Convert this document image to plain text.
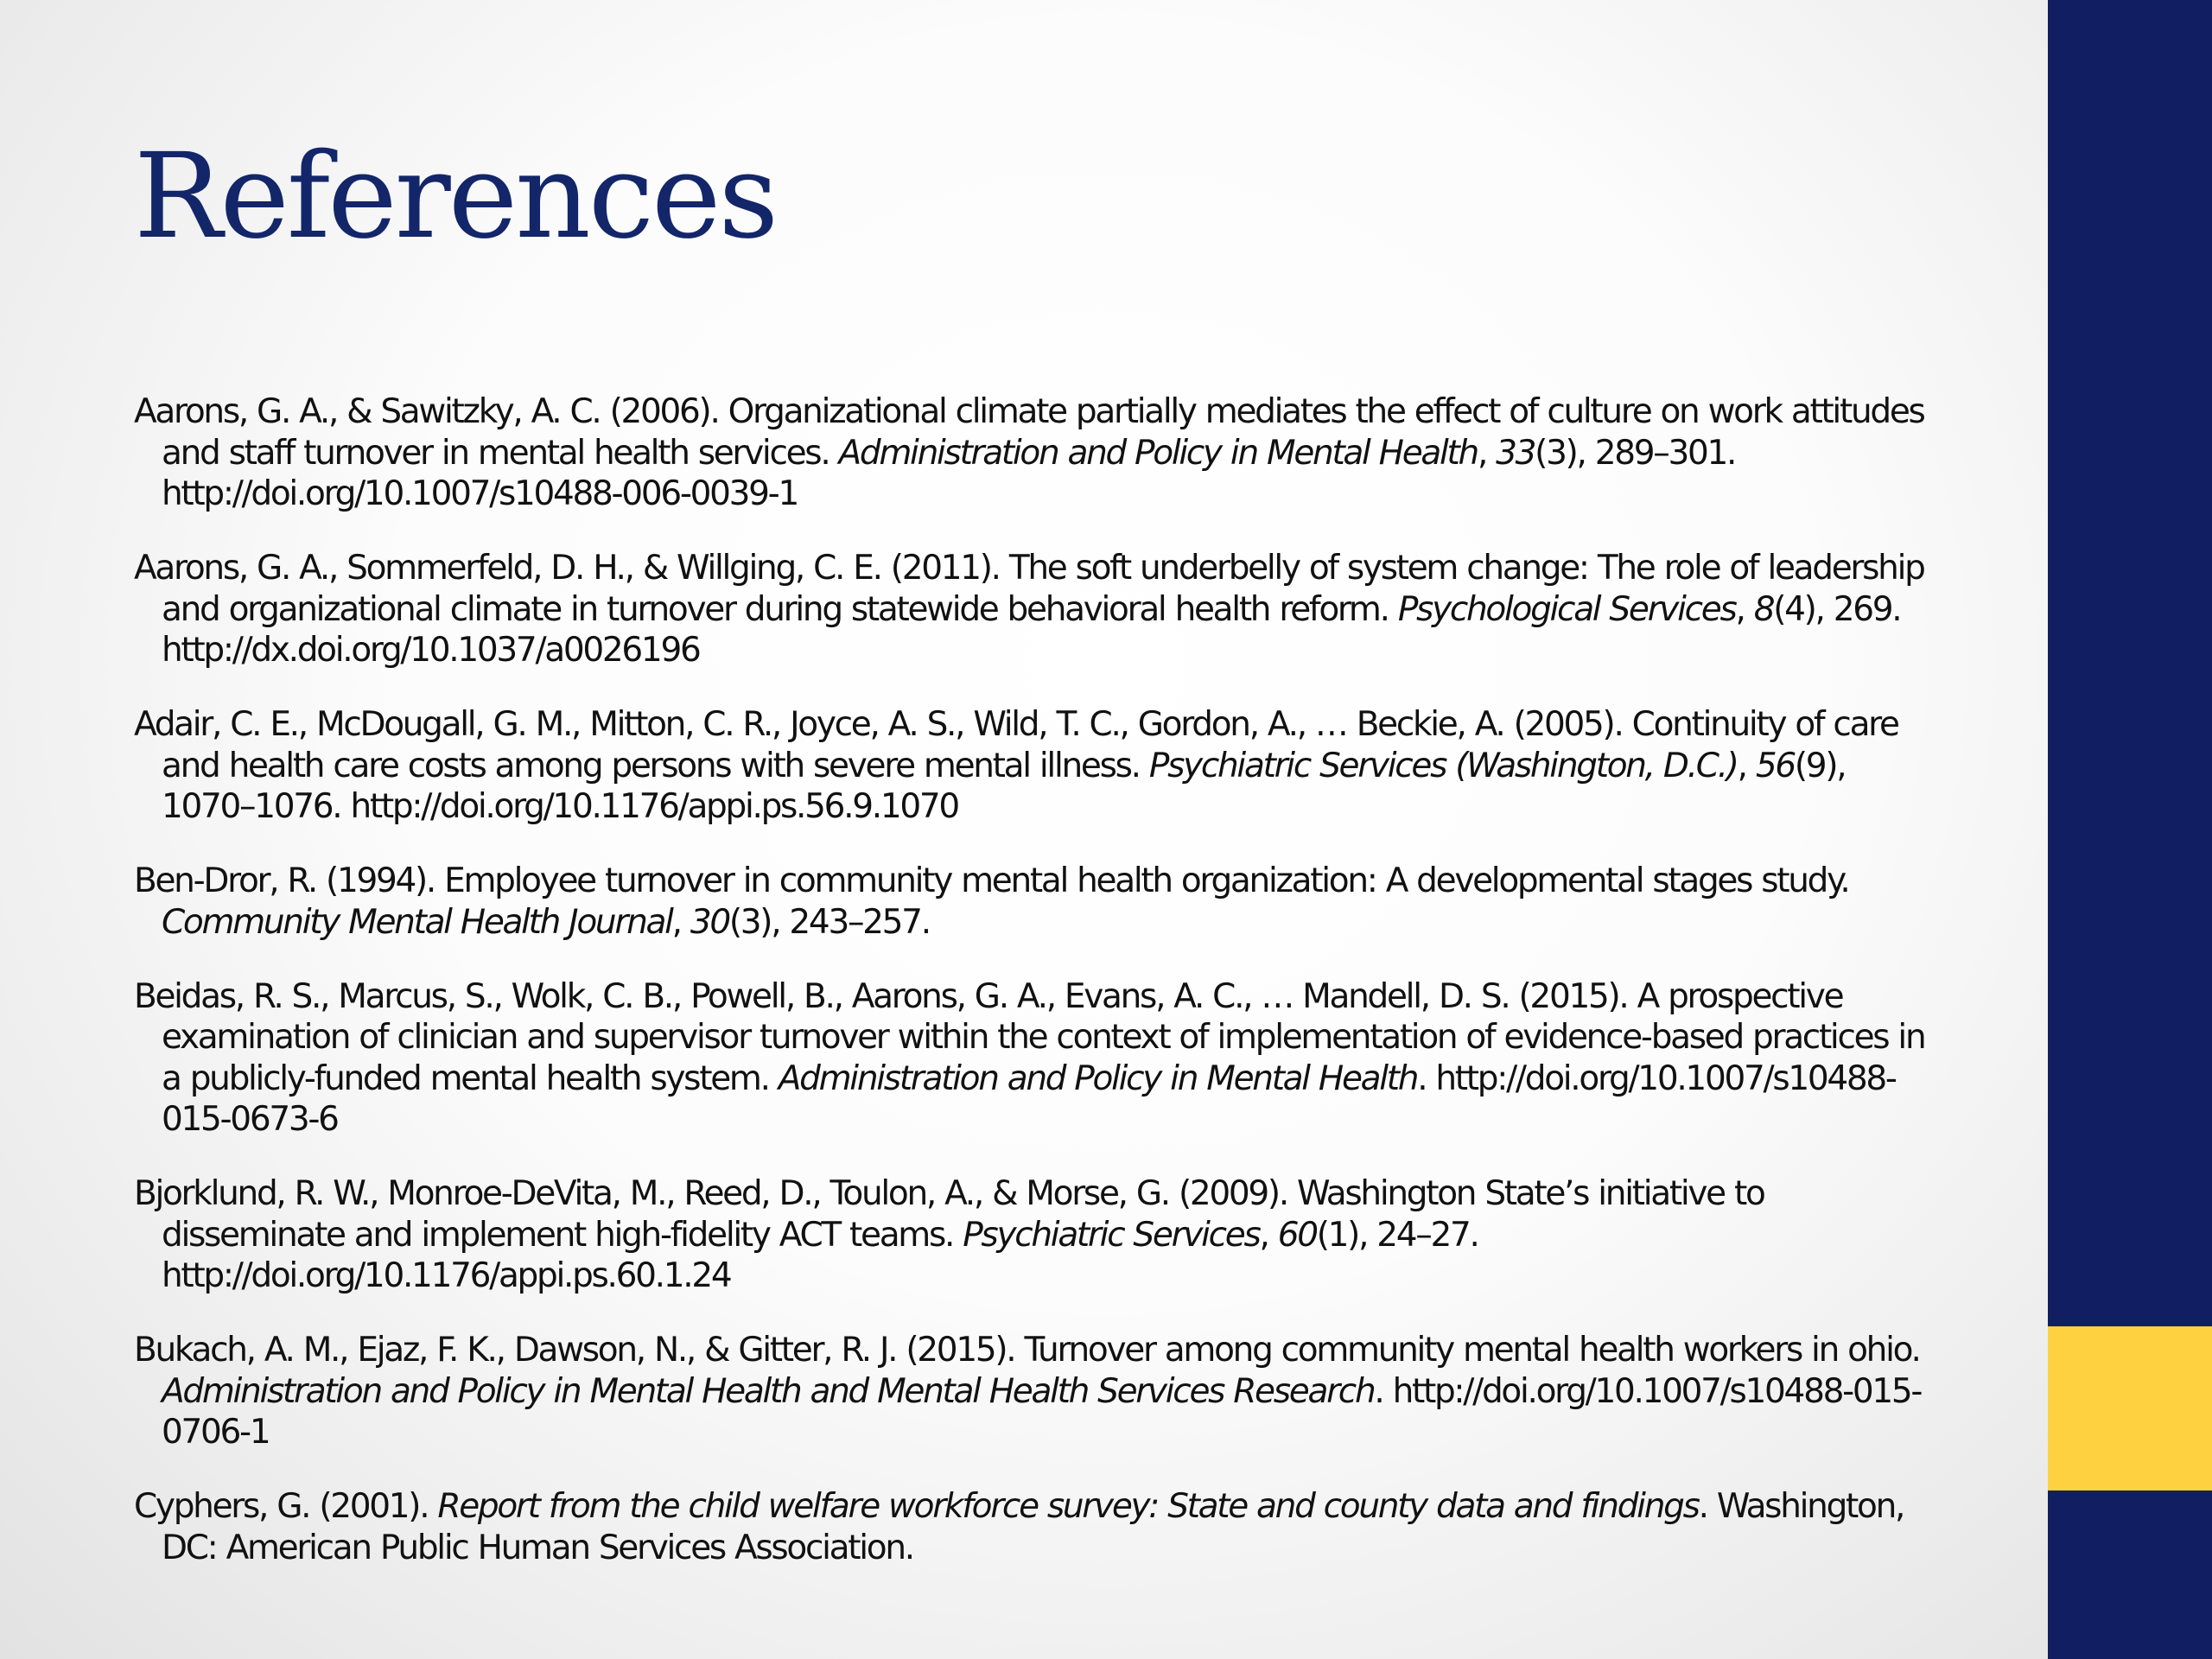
References
Aarons, G. A., & Sawitzky, A. C. (2006). Organizational climate partially mediates the effect of culture on work attitudes and staff turnover in mental health services. Administration and Policy in Mental Health, 33(3), 289–301. http://doi.org/10.1007/s10488-006-0039-1
Aarons, G. A., Sommerfeld, D. H., & Willging, C. E. (2011). The soft underbelly of system change: The role of leadership and organizational climate in turnover during statewide behavioral health reform. Psychological Services, 8(4), 269. http://dx.doi.org/10.1037/a0026196
Adair, C. E., McDougall, G. M., Mitton, C. R., Joyce, A. S., Wild, T. C., Gordon, A., … Beckie, A. (2005). Continuity of care and health care costs among persons with severe mental illness. Psychiatric Services (Washington, D.C.), 56(9), 1070–1076. http://doi.org/10.1176/appi.ps.56.9.1070
Ben-Dror, R. (1994). Employee turnover in community mental health organization: A developmental stages study. Community Mental Health Journal, 30(3), 243–257.
Beidas, R. S., Marcus, S., Wolk, C. B., Powell, B., Aarons, G. A., Evans, A. C., … Mandell, D. S. (2015). A prospective examination of clinician and supervisor turnover within the context of implementation of evidence-based practices in a publicly-funded mental health system. Administration and Policy in Mental Health. http://doi.org/10.1007/s10488-015-0673-6
Bjorklund, R. W., Monroe-DeVita, M., Reed, D., Toulon, A., & Morse, G. (2009). Washington State’s initiative to disseminate and implement high-fidelity ACT teams. Psychiatric Services, 60(1), 24–27. http://doi.org/10.1176/appi.ps.60.1.24
Bukach, A. M., Ejaz, F. K., Dawson, N., & Gitter, R. J. (2015). Turnover among community mental health workers in ohio. Administration and Policy in Mental Health and Mental Health Services Research. http://doi.org/10.1007/s10488-015-0706-1
Cyphers, G. (2001). Report from the child welfare workforce survey: State and county data and findings. Washington, DC: American Public Human Services Association.
